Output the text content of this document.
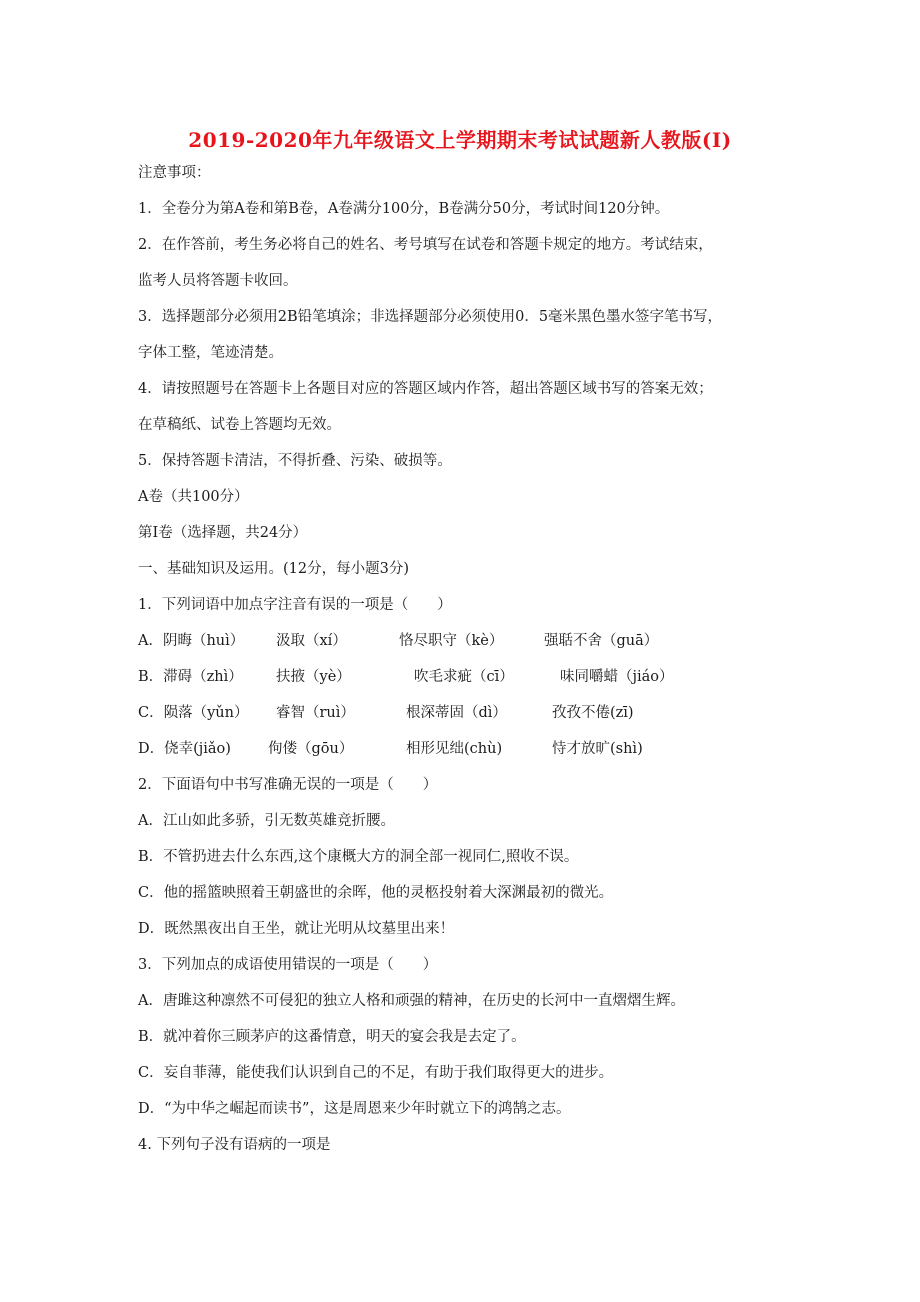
2019-2020年九年级语文上学期期末考试试题新人教版(I)
注意事项：
1．全卷分为第A卷和第B卷，A卷满分100分，B卷满分50分，考试时间120分钟。
2．在作答前，考生务必将自己的姓名、考号填写在试卷和答题卡规定的地方。考试结束，
监考人员将答题卡收回。
3．选择题部分必须用2B铅笔填涂；非选择题部分必须使用0．5毫米黑色墨水签字笔书写，
字体工整，笔迹清楚。
4．请按照题号在答题卡上各题目对应的答题区域内作答，超出答题区域书写的答案无效；
在草稿纸、试卷上答题均无效。
5．保持答题卡清洁，不得折叠、污染、破损等。
A卷（共100分）
第Ⅰ卷（选择题，共24分）
一、基础知识及运用。(12分，每小题3分)
1．下列词语中加点字注音有误的一项是（　　）
A．阴晦（huì） 汲取（xí）	恪尽职守（kè）	强聒不舍（guā）
B．滞碍（zhì） 扶掖（yè）	吹毛求疵（cī）	味同嚼蜡（jiáo）
C．陨落（yǔn） 睿智（ruì）	根深蒂固（dì）	孜孜不倦(zī)
D．侥幸(jiǎo)	佝偻（gōu）	相形见绌(chù)	恃才放旷(shì)
2．下面语句中书写准确无误的一项是（　　）
A．江山如此多骄，引无数英雄竞折腰。
B．不管扔进去什么东西,这个康概大方的洞全部一视同仁,照收不误。
C．他的摇篮映照着王朝盛世的余晖，他的灵柩投射着大深渊最初的微光。
D．既然黑夜出自王坐，就让光明从坟墓里出来！
3．下列加点的成语使用错误的一项是（　　）
A．唐雎这种凛然不可侵犯的独立人格和顽强的精神，在历史的长河中一直熠熠生辉。
B．就冲着你三顾茅庐的这番情意，明天的宴会我是去定了。
C．妄自菲薄，能使我们认识到自己的不足，有助于我们取得更大的进步。
D．“为中华之崛起而读书”，这是周恩来少年时就立下的鸿鹄之志。
4. 下列句子没有语病的一项是
